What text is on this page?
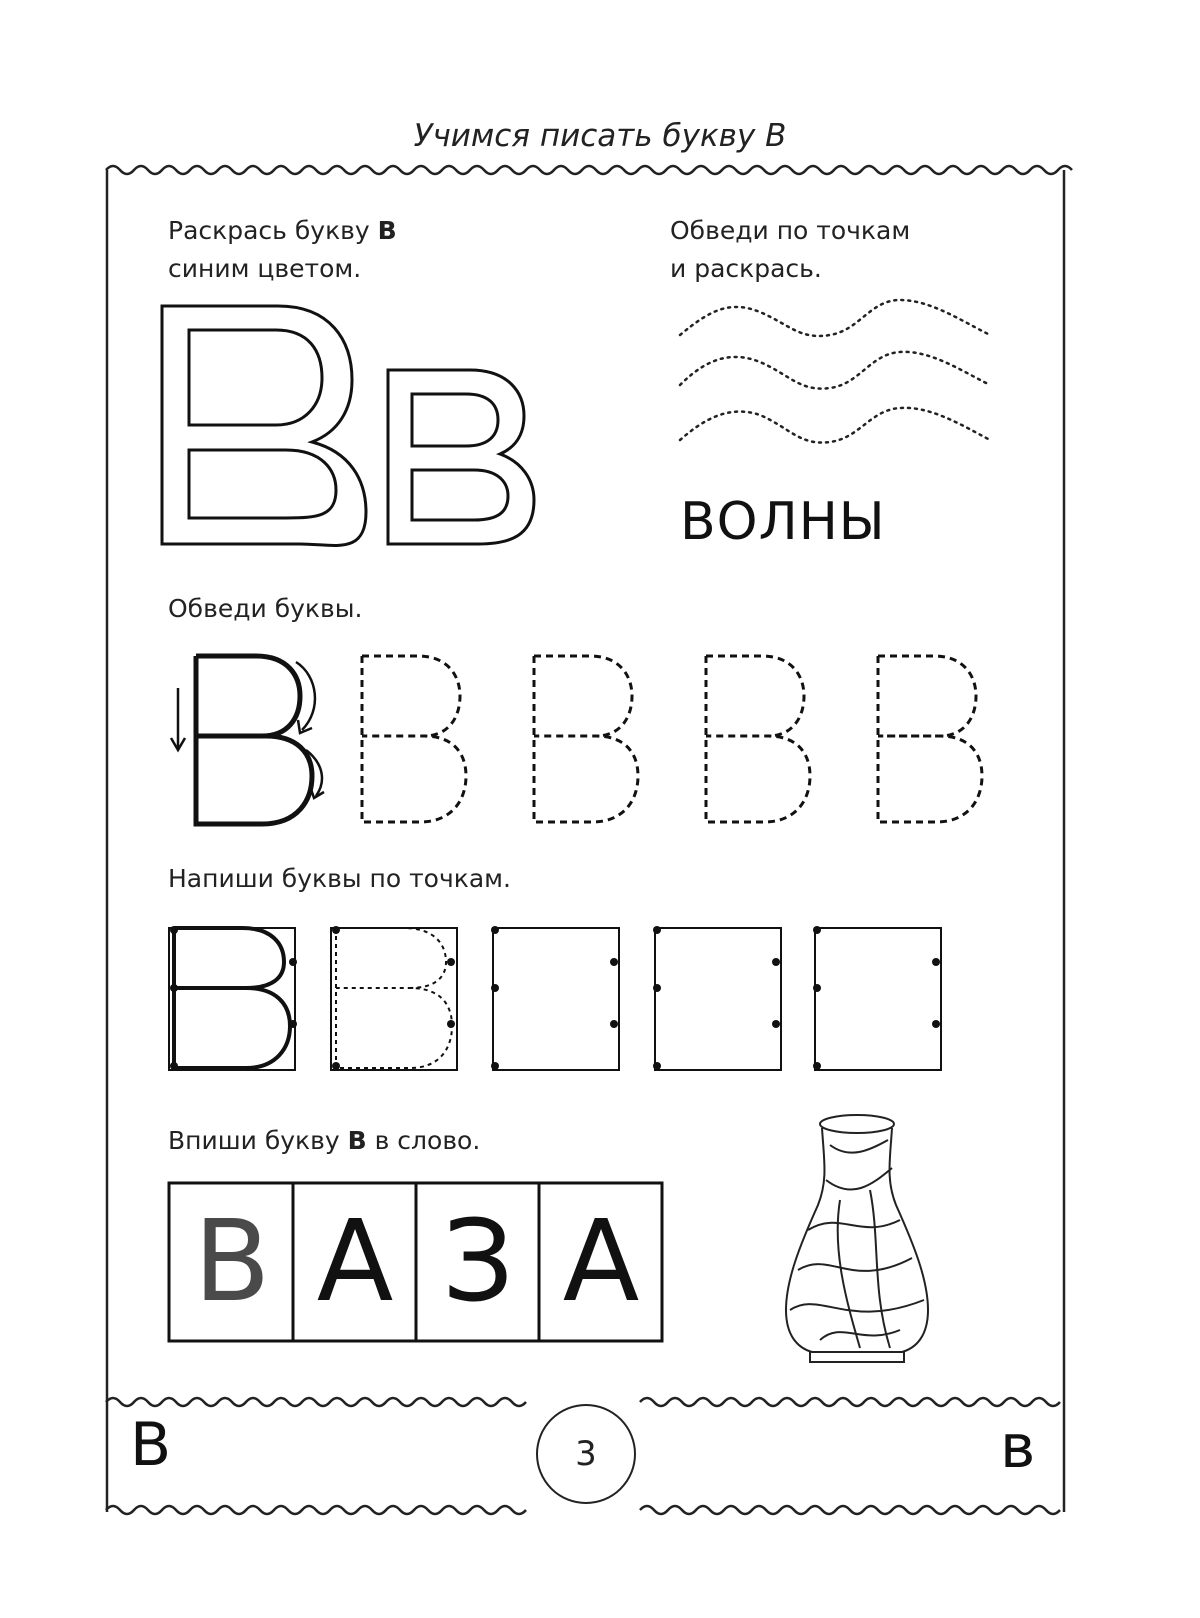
Учимся писать букву В
Раскрась букву В
синим цветом.
Обведи по точкам
и раскрась.
ВОЛНЫ
Обведи буквы.
Напиши буквы по точкам.
Впиши букву В в слово.
В А З А
В	3	в
